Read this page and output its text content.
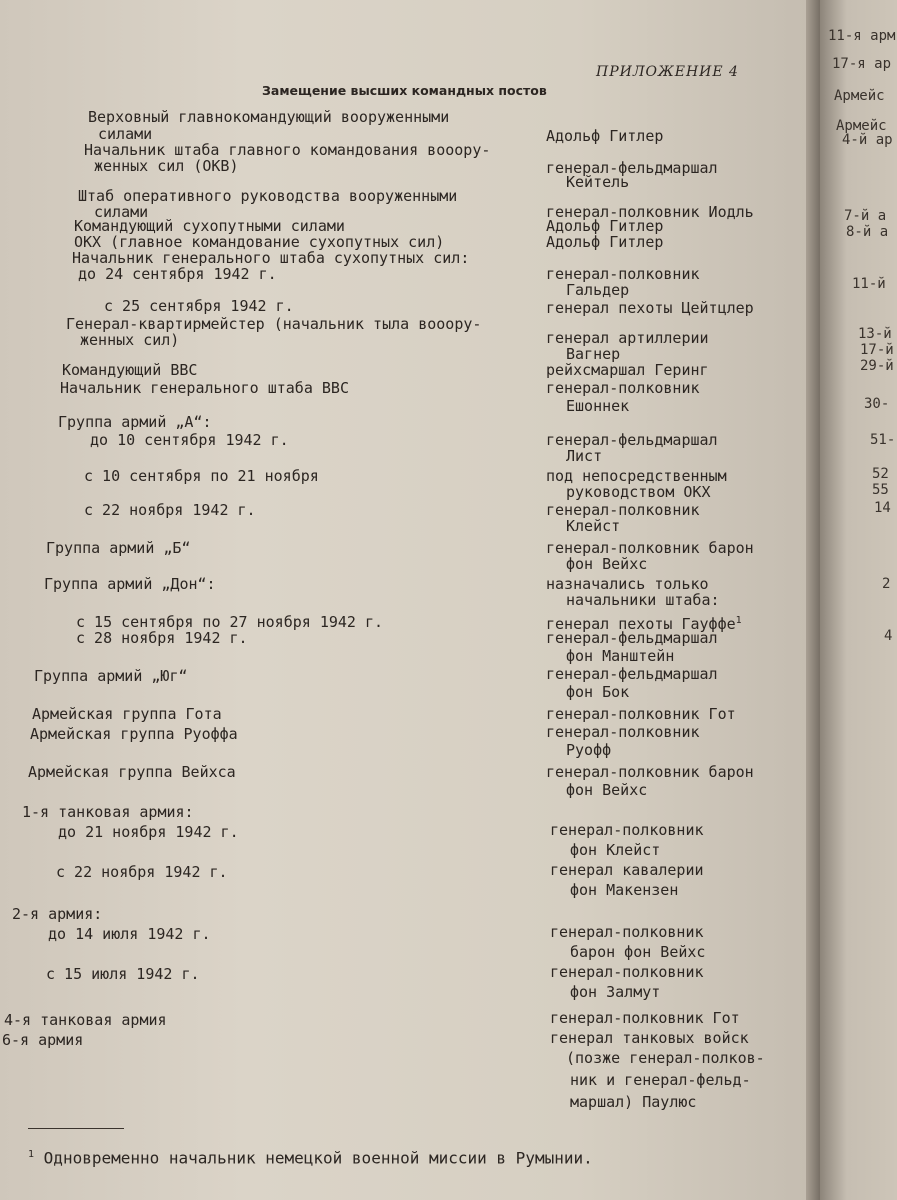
ПРИЛОЖЕНИЕ 4
Замещение высших командных постов
Верховный главнокомандующий вооруженными
силами
Начальник штаба главного командования вооору-
женных сил (ОКВ)
Штаб оперативного руководства вооруженными
силами
Командующий сухопутными силами
ОКХ (главное командование сухопутных сил)
Начальник генерального штаба сухопутных сил:
до 24 сентября 1942 г.
с 25 сентября 1942 г.
Генерал-квартирмейстер (начальник тыла вооору-
женных сил)
Командующий ВВС
Начальник генерального штаба ВВС
Группа армий „А“:
до 10 сентября 1942 г.
с 10 сентября по 21 ноября
с 22 ноября 1942 г.
Группа армий „Б“
Группа армий „Дон“:
с 15 сентября по 27 ноября 1942 г.
с 28 ноября 1942 г.
Группа армий „Юг“
Армейская группа Гота
Армейская группа Руоффа
Армейская группа Вейхса
1-я танковая армия:
до 21 ноября 1942 г.
с 22 ноября 1942 г.
2-я армия:
до 14 июля 1942 г.
с 15 июля 1942 г.
4-я танковая армия
6-я армия
Адольф Гитлер
генерал-фельдмаршал
Кейтель
генерал-полковник Иодль
Адольф Гитлер
Адольф Гитлер
генерал-полковник
Гальдер
генерал пехоты Цейтцлер
генерал артиллерии
Вагнер
рейхсмаршал Геринг
генерал-полковник
Ешоннек
генерал-фельдмаршал
Лист
под непосредственным
руководством ОКХ
генерал-полковник
Клейст
генерал-полковник барон
фон Вейхс
назначались только
начальники штаба:
генерал пехоты Гауффе$^1$
генерал-фельдмаршал
фон Манштейн
генерал-фельдмаршал
фон Бок
генерал-полковник Гот
генерал-полковник
Руофф
генерал-полковник барон
фон Вейхс
генерал-полковник
фон Клейст
генерал кавалерии
фон Макензен
генерал-полковник
барон фон Вейхс
генерал-полковник
фон Залмут
генерал-полковник Гот
генерал танковых войск
(позже генерал-полков-
ник и генерал-фельд-
маршал) Паулюс
$^1$ Одновременно начальник немецкой военной миссии в Румынии.
11-я арм
17-я ар
Армейс
Армейс
4-й ар
7-й а
8-й а
11-й
13-й
17-й
29-й
30-
51-
52
55
14
2
4
